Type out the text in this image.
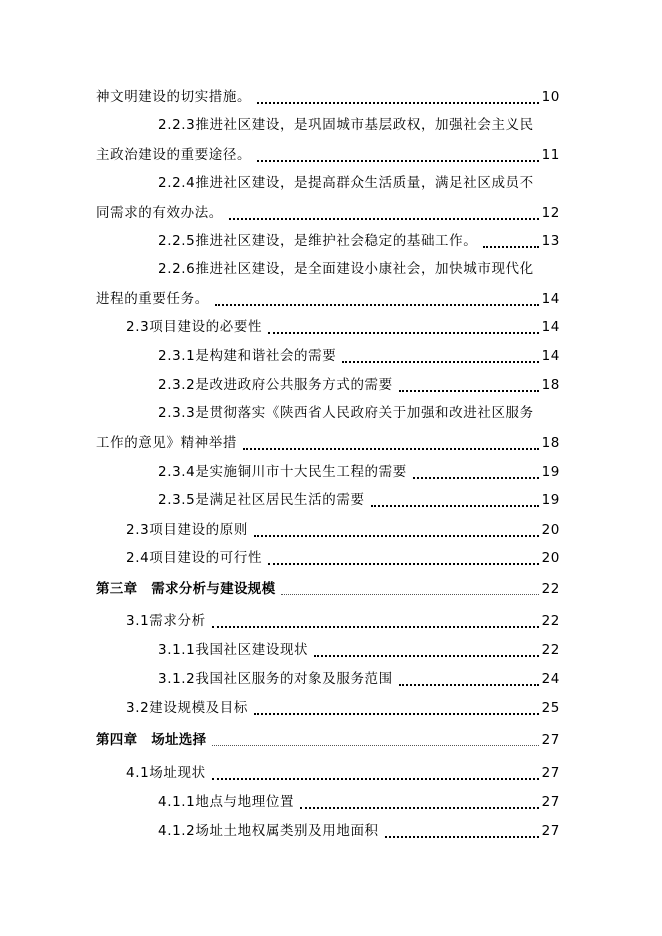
神文明建设的切实措施。	10
2.2.3推进社区建设，是巩固城市基层政权，加强社会主义民
主政治建设的重要途径。	11
2.2.4推进社区建设，是提高群众生活质量，满足社区成员不
同需求的有效办法。	12
2.2.5推进社区建设，是维护社会稳定的基础工作。	13
2.2.6推进社区建设，是全面建设小康社会，加快城市现代化
进程的重要任务。	14
2.3项目建设的必要性	14
2.3.1是构建和谐社会的需要	14
2.3.2是改进政府公共服务方式的需要	18
2.3.3是贯彻落实《陕西省人民政府关于加强和改进社区服务
工作的意见》精神举措	18
2.3.4是实施铜川市十大民生工程的需要	19
2.3.5是满足社区居民生活的需要	19
2.3项目建设的原则	20
2.4项目建设的可行性	20
第三章　需求分析与建设规模	22
3.1需求分析	22
3.1.1我国社区建设现状	22
3.1.2我国社区服务的对象及服务范围	24
3.2建设规模及目标	25
第四章　场址选择	27
4.1场址现状	27
4.1.1地点与地理位置	27
4.1.2场址土地权属类别及用地面积	27
